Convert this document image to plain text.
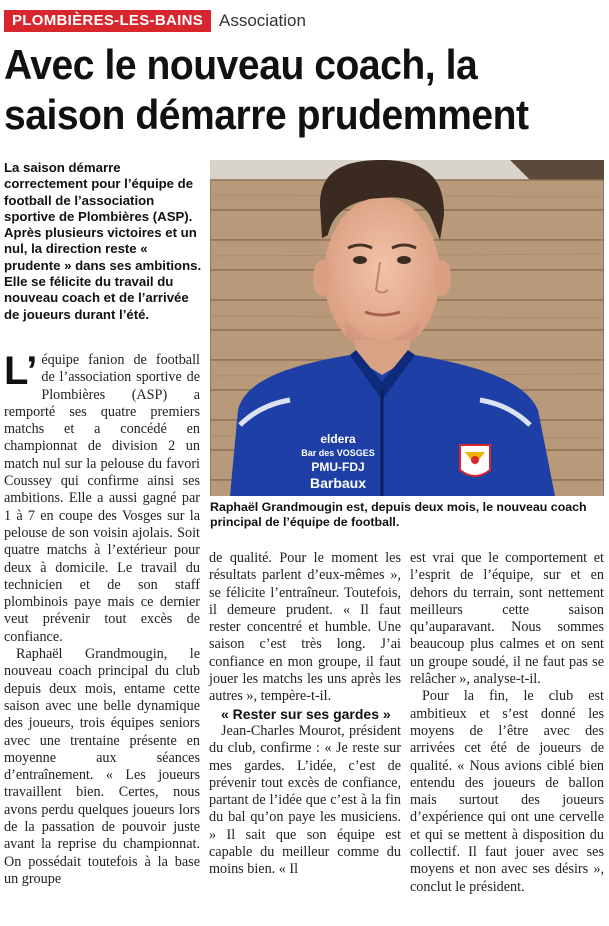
PLOMBIÈRES-LES-BAINS Association
Avec le nouveau coach, la
saison démarre prudemment
La saison démarre correctement pour l’équipe de football de l’association sportive de Plombières (ASP). Après plusieurs victoires et un nul, la direction reste « prudente » dans ses ambitions. Elle se félicite du travail du nouveau coach et de l’arrivée de joueurs durant l’été.
eldera
Bar des VOSGES
PMU-FDJ
Barbaux
Raphaël Grandmougin est, depuis deux mois, le nouveau coach principal de l’équipe de football.

L’ équipe fanion de football de l’association sportive de Plombières (ASP) a remporté ses quatre premiers matchs et a concédé en championnat de division 2 un match nul sur la pelouse du favori Coussey qui confirme ainsi ses ambitions. Elle a aussi gagné par 1 à 7 en coupe des Vosges sur la pelouse de son voisin ajolais. Soit quatre matchs à l’extérieur pour deux à domicile. Le travail du technicien et de son staff plombinois paye mais ce dernier veut prévenir tout excès de confiance.

Raphaël Grandmougin, le nouveau coach principal du club depuis deux mois, entame cette saison avec une belle dynamique des joueurs, trois équipes seniors avec une trentaine présente en moyenne aux séances d’entraînement. « Les joueurs travaillent bien. Certes, nous avons perdu quelques joueurs lors de la passation de pouvoir juste avant la reprise du championnat. On possédait toutefois à la base un groupe

de qualité. Pour le moment les résultats parlent d’eux-mêmes », se félicite l’entraîneur. Toutefois, il demeure prudent. « Il faut rester concentré et humble. Une saison c’est très long. J’ai confiance en mon groupe, il faut jouer les matchs les uns après les autres », tempère-t-il.

« Rester sur ses gardes »

Jean-Charles Mourot, président du club, confirme : « Je reste sur mes gardes. L’idée, c’est de prévenir tout excès de confiance, partant de l’idée que c’est à la fin du bal qu’on paye les musiciens. » Il sait que son équipe est capable du meilleur comme du moins bien. « Il

est vrai que le comportement et l’esprit de l’équipe, sur et en dehors du terrain, sont nettement meilleurs cette saison qu’auparavant. Nous sommes beaucoup plus calmes et on sent un groupe soudé, il ne faut pas se relâcher », analyse-t-il.

Pour la fin, le club est ambitieux et s’est donné les moyens de l’être avec des arrivées cet été de joueurs de qualité. « Nous avions ciblé bien entendu des joueurs de ballon mais surtout des joueurs d’expérience qui ont une cervelle et qui se mettent à disposition du collectif. Il faut jouer avec ses moyens et non avec ses désirs », conclut le président.
